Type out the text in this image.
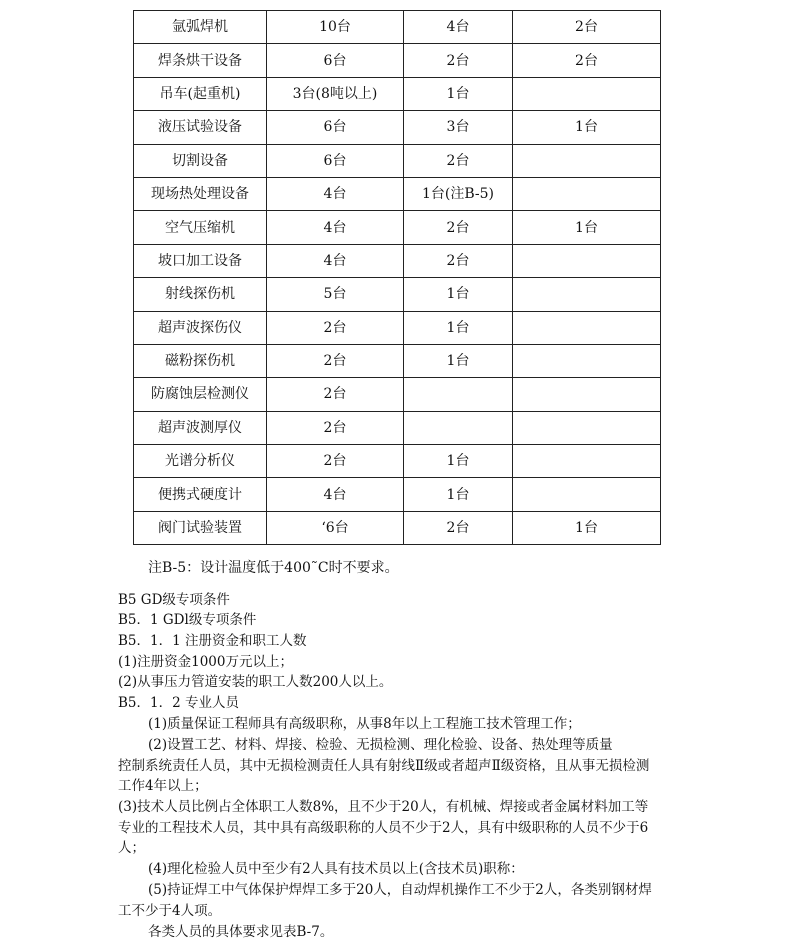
氩弧焊机	10台	4台	2台
焊条烘干设备	6台	2台	2台
吊车(起重机)	3台(8吨以上)	1台	
液压试验设备	6台	3台	1台
切割设备	6台	2台	
现场热处理设备	4台	1台(注B-5)	
空气压缩机	4台	2台	1台
坡口加工设备	4台	2台	
射线探伤机	5台	1台	
超声波探伤仪	2台	1台	
磁粉探伤机	2台	1台	
防腐蚀层检测仪	2台		
超声波测厚仪	2台		
光谱分析仪	2台	1台	
便携式硬度计	4台	1台	
阀门试验装置	‘6台	2台	1台
注B-5：设计温度低于400˜C时不要求。
B5 GD级专项条件
B5．1 GDl级专项条件
B5．1．1 注册资金和职工人数
(1)注册资金1000万元以上；
(2)从事压力管道安装的职工人数200人以上。
B5．1．2 专业人员
(1)质量保证工程师具有高级职称，从事8年以上工程施工技术管理工作；
(2)设置工艺、材料、焊接、检验、无损检测、理化检验、设备、热处理等质量
控制系统责任人员，其中无损检测责任人具有射线Ⅱ级或者超声Ⅱ级资格，且从事无损检测
工作4年以上；
(3)技术人员比例占全体职工人数8%，且不少于20人，有机械、焊接或者金属材料加工等
专业的工程技术人员，其中具有高级职称的人员不少于2人，具有中级职称的人员不少于6
人；
(4)理化检验人员中至少有2人具有技术员以上(含技术员)职称：
(5)持证焊工中气体保护焊焊工多于20人，自动焊机操作工不少于2人，各类别钢材焊
工不少于4人项。
各类人员的具体要求见表B-7。
